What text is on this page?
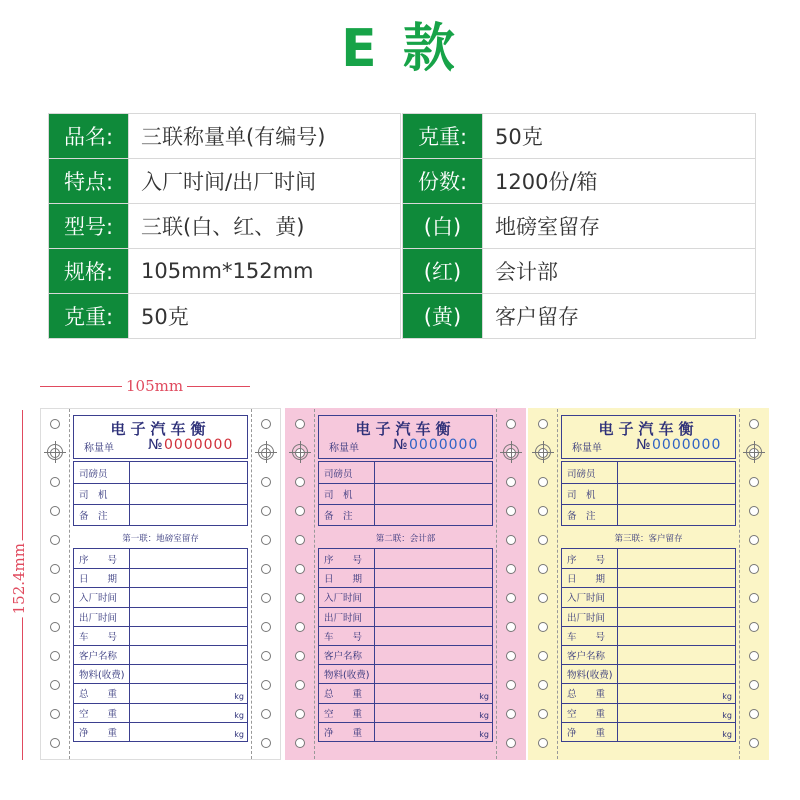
E 款
品名:	三联称量单(有编号)
特点:	入厂时间/出厂时间
型号:	三联(白、红、黄)
规格:	105mm*152mm
克重:	50克
克重:	50克
份数:	1200份/箱
(白)	地磅室留存
(红)	会计部
(黄)	客户留存
105mm
152.4mm
电子汽车衡
称量单 № 0000000
司磅员
司　机
备　注
第一联：地磅室留存
序　　号
日　　期
入厂时间
出厂时间
车　　号
客户名称
物料(收费)
总　　重	kg
空　　重	kg
净　　重	kg
电子汽车衡
称量单 № 0000000
司磅员
司　机
备　注
第二联：会计部
序　　号
日　　期
入厂时间
出厂时间
车　　号
客户名称
物料(收费)
总　　重	kg
空　　重	kg
净　　重	kg
电子汽车衡
称量单 № 0000000
司磅员
司　机
备　注
第三联：客户留存
序　　号
日　　期
入厂时间
出厂时间
车　　号
客户名称
物料(收费)
总　　重	kg
空　　重	kg
净　　重	kg
